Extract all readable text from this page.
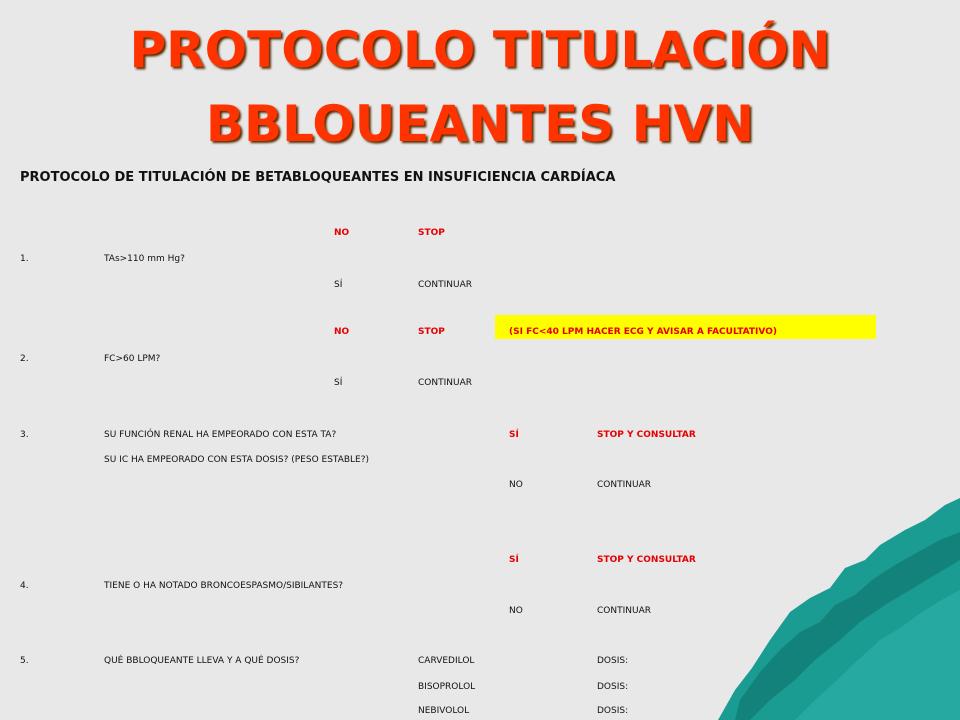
PROTOCOLO TITULACIÓN
BBLOUEANTES HVN
PROTOCOLO DE TITULACIÓN DE BETABLOQUEANTES EN INSUFICIENCIA CARDÍACA
NO	STOP
1.	TAs>110 mm Hg?
SÍ	CONTINUAR
(SI FC<40 LPM HACER ECG Y AVISAR A FACULTATIVO)
NO	STOP
2.	FC>60 LPM?
SÍ	CONTINUAR
3.	SU FUNCIÓN RENAL HA EMPEORADO CON ESTA TA?	SÍ	STOP Y CONSULTAR
SU IC HA EMPEORADO CON ESTA DOSIS? (PESO ESTABLE?)
NO	CONTINUAR
SÍ	STOP Y CONSULTAR
4.	TIENE O HA NOTADO BRONCOESPASMO/SIBILANTES?
NO	CONTINUAR
5.	QUÉ BBLOQUEANTE LLEVA Y A QUÉ DOSIS?	CARVEDILOL	DOSIS:
BISOPROLOL	DOSIS:
NEBIVOLOL	DOSIS:
